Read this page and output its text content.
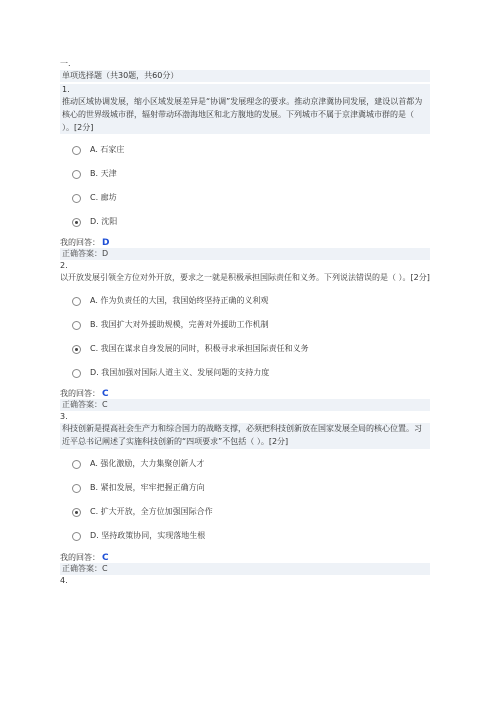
一.
单项选择题（共30题，共60分）
1.
推动区域协调发展，缩小区域发展差异是“协调”发展理念的要求。推动京津冀协同发展，建设以首都为核心的世界级城市群，辐射带动环渤海地区和北方腹地的发展。下列城市不属于京津冀城市群的是（ ）。[2分]
A. 石家庄
B. 天津
C. 廊坊
D. 沈阳
我的回答： D
正确答案：D
2.
以开放发展引领全方位对外开放，要求之一就是积极承担国际责任和义务。下列说法错误的是（ ）。[2分]
A. 作为负责任的大国，我国始终坚持正确的义利观
B. 我国扩大对外援助规模，完善对外援助工作机制
C. 我国在谋求自身发展的同时，积极寻求承担国际责任和义务
D. 我国加强对国际人道主义、发展问题的支持力度
我的回答： C
正确答案：C
3.
科技创新是提高社会生产力和综合国力的战略支撑，必须把科技创新放在国家发展全局的核心位置。习近平总书记阐述了实施科技创新的“四项要求”不包括（ ）。[2分]
A. 强化激励，大力集聚创新人才
B. 紧扣发展，牢牢把握正确方向
C. 扩大开放，全方位加强国际合作
D. 坚持政策协同，实现落地生根
我的回答： C
正确答案：C
4.
